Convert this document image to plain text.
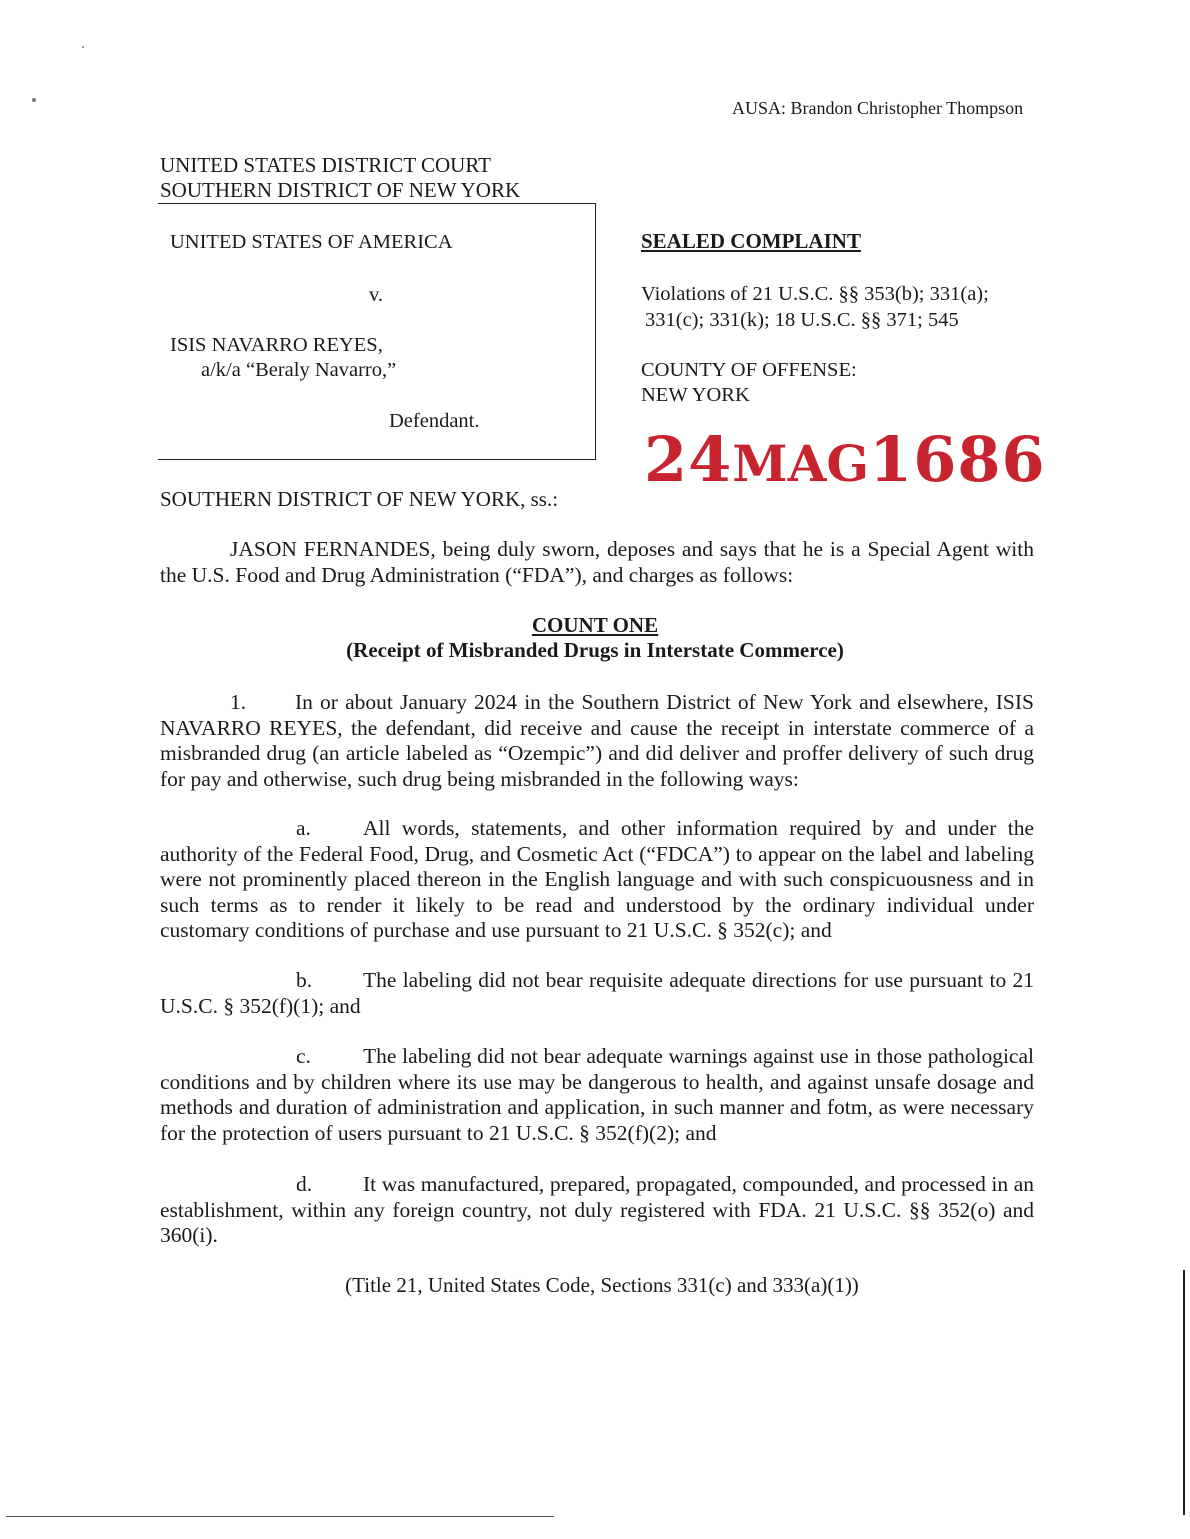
AUSA: Brandon Christopher Thompson
UNITED STATES DISTRICT COURT
SOUTHERN DISTRICT OF NEW YORK
UNITED STATES OF AMERICA
v.
ISIS NAVARRO REYES,
a/k/a “Beraly Navarro,”
Defendant.
SEALED COMPLAINT
Violations of 21 U.S.C. §§ 353(b); 331(a);
331(c); 331(k); 18 U.S.C. §§ 371; 545
COUNTY OF OFFENSE:
NEW YORK
24MAG1686
SOUTHERN DISTRICT OF NEW YORK, ss.:
JASON FERNANDES, being duly sworn, deposes and says that he is a Special Agent with the U.S. Food and Drug Administration (“FDA”), and charges as follows:
COUNT ONE
(Receipt of Misbranded Drugs in Interstate Commerce)
1. In or about January 2024 in the Southern District of New York and elsewhere, ISIS NAVARRO REYES, the defendant, did receive and cause the receipt in interstate commerce of a misbranded drug (an article labeled as “Ozempic”) and did deliver and proffer delivery of such drug for pay and otherwise, such drug being misbranded in the following ways:
a. All words, statements, and other information required by and under the authority of the Federal Food, Drug, and Cosmetic Act (“FDCA”) to appear on the label and labeling were not prominently placed thereon in the English language and with such conspicuousness and in such terms as to render it likely to be read and understood by the ordinary individual under customary conditions of purchase and use pursuant to 21 U.S.C. § 352(c); and
b. The labeling did not bear requisite adequate directions for use pursuant to 21 U.S.C. § 352(f)(1); and
c. The labeling did not bear adequate warnings against use in those pathological conditions and by children where its use may be dangerous to health, and against unsafe dosage and methods and duration of administration and application, in such manner and fotm, as were necessary for the protection of users pursuant to 21 U.S.C. § 352(f)(2); and
d. It was manufactured, prepared, propagated, compounded, and processed in an establishment, within any foreign country, not duly registered with FDA. 21 U.S.C. §§ 352(o) and 360(i).
(Title 21, United States Code, Sections 331(c) and 333(a)(1))
